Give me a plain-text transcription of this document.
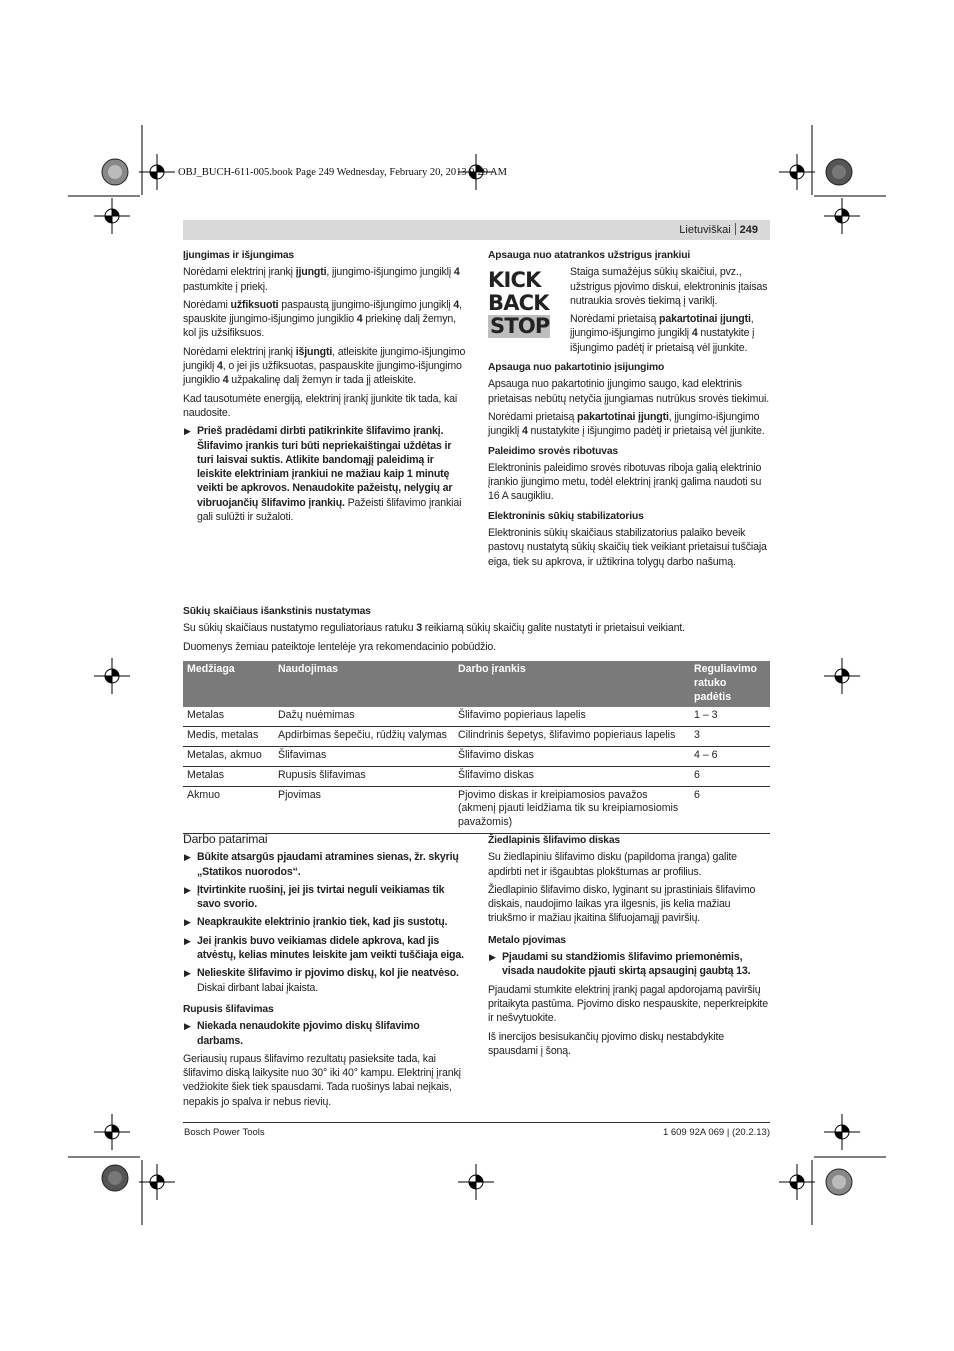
OBJ_BUCH-611-005.book Page 249 Wednesday, February 20, 2013 9:29 AM
Lietuviškai 249
Įjungimas ir išjungimas

Norėdami elektrinį įrankį įjungti, įjungimo-išjungimo jungiklį 4 pastumkite į priekį.

Norėdami užfiksuoti paspaustą įjungimo-išjungimo jungiklį 4, spauskite įjungimo-išjungimo jungiklio 4 priekinę dalį žemyn, kol jis užsifiksuos.

Norėdami elektrinį įrankį išjungti, atleiskite įjungimo-išjungimo jungiklį 4, o jei jis užfiksuotas, paspauskite įjungimo-išjungimo jungiklio 4 užpakalinę dalį žemyn ir tada jį atleiskite.

Kad tausotumėte energiją, elektrinį įrankį įjunkite tik tada, kai naudosite.

▶ Prieš pradėdami dirbti patikrinkite šlifavimo įrankį. Šlifavimo įrankis turi būti nepriekaištingai uždėtas ir turi laisvai suktis. Atlikite bandomąjį paleidimą ir leiskite elektriniam įrankiui ne mažiau kaip 1 minutę veikti be apkrovos. Nenaudokite pažeistų, nelygių ar vibruojančių šlifavimo įrankių. Pažeisti šlifavimo įrankiai gali sulūžti ir sužaloti.
Apsauga nuo atatrankos užstrigus įrankiui
KICK
BACK
STOP

Staiga sumažėjus sūkių skaičiui, pvz., užstrigus pjovimo diskui, elektroninis įtaisas nutraukia srovės tiekimą į variklį.

Norėdami prietaisą pakartotinai įjungti, įjungimo-išjungimo jungiklį 4 nustatykite į išjungimo padėtį ir prietaisą vėl įjunkite.

Apsauga nuo pakartotinio įsijungimo

Apsauga nuo pakartotinio įjungimo saugo, kad elektrinis prietaisas nebūtų netyčia įjungiamas nutrūkus srovės tiekimui.

Norėdami prietaisą pakartotinai įjungti, įjungimo-išjungimo jungiklį 4 nustatykite į išjungimo padėtį ir prietaisą vėl įjunkite.

Paleidimo srovės ribotuvas

Elektroninis paleidimo srovės ribotuvas riboja galią elektrinio įrankio įjungimo metu, todėl elektrinį įrankį galima naudoti su 16 A saugikliu.

Elektroninis sūkių stabilizatorius

Elektroninis sūkių skaičiaus stabilizatorius palaiko beveik pastovų nustatytą sūkių skaičių tiek veikiant prietaisui tuščiaja eiga, tiek su apkrova, ir užtikrina tolygų darbo našumą.

Sūkių skaičiaus išankstinis nustatymas

Su sūkių skaičiaus nustatymo reguliatoriaus ratuku 3 reikiamą sūkių skaičių galite nustatyti ir prietaisui veikiant.

Duomenys žemiau pateiktoje lentelėje yra rekomendacinio pobūdžio.

Medžiaga	Naudojimas	Darbo įrankis	Reguliavimo ratuko padėtis
Metalas	Dažų nuėmimas	Šlifavimo popieriaus lapelis	1 – 3
Medis, metalas	Apdirbimas šepečiu, rūdžių valymas	Cilindrinis šepetys, šlifavimo popieriaus lapelis	3
Metalas, akmuo	Šlifavimas	Šlifavimo diskas	4 – 6
Metalas	Rupusis šlifavimas	Šlifavimo diskas	6
Akmuo	Pjovimas	Pjovimo diskas ir kreipiamosios pavažos (akmenį pjauti leidžiama tik su kreipiamosiomis pavažomis)	6
Darbo patarimai
▶ Būkite atsargūs pjaudami atramines sienas, žr. skyrių „Statikos nuorodos“.
▶ Įtvirtinkite ruošinį, jei jis tvirtai neguli veikiamas tik savo svorio.
▶ Neapkraukite elektrinio įrankio tiek, kad jis sustotų.
▶ Jei įrankis buvo veikiamas didele apkrova, kad jis atvėstų, kelias minutes leiskite jam veikti tuščiaja eiga.
▶ Nelieskite šlifavimo ir pjovimo diskų, kol jie neatvėso. Diskai dirbant labai įkaista.
Rupusis šlifavimas
▶ Niekada nenaudokite pjovimo diskų šlifavimo darbams.

Geriausių rupaus šlifavimo rezultatų pasieksite tada, kai šlifavimo diską laikysite nuo 30° iki 40° kampu. Elektrinį įrankį vedžiokite šiek tiek spausdami. Tada ruošinys labai neįkais, nepakis jo spalva ir nebus rievių.

Žiedlapinis šlifavimo diskas

Su žiedlapiniu šlifavimo disku (papildoma įranga) galite apdirbti net ir išgaubtas plokštumas ar profilius.

Žiedlapinio šlifavimo disko, lyginant su įprastiniais šlifavimo diskais, naudojimo laikas yra ilgesnis, jis kelia mažiau triukšmo ir mažiau įkaitina šlifuojamąjį paviršių.

Metalo pjovimas
▶ Pjaudami su standžiomis šlifavimo priemonėmis, visada naudokite pjauti skirtą apsauginį gaubtą 13.

Pjaudami stumkite elektrinį įrankį pagal apdorojamą paviršių pritaikyta pastūma. Pjovimo disko nespauskite, neperkreipkite ir nešvytuokite.

Iš inercijos besisukančių pjovimo diskų nestabdykite spausdami į šoną.

Bosch Power Tools	1 609 92A 069 | (20.2.13)
